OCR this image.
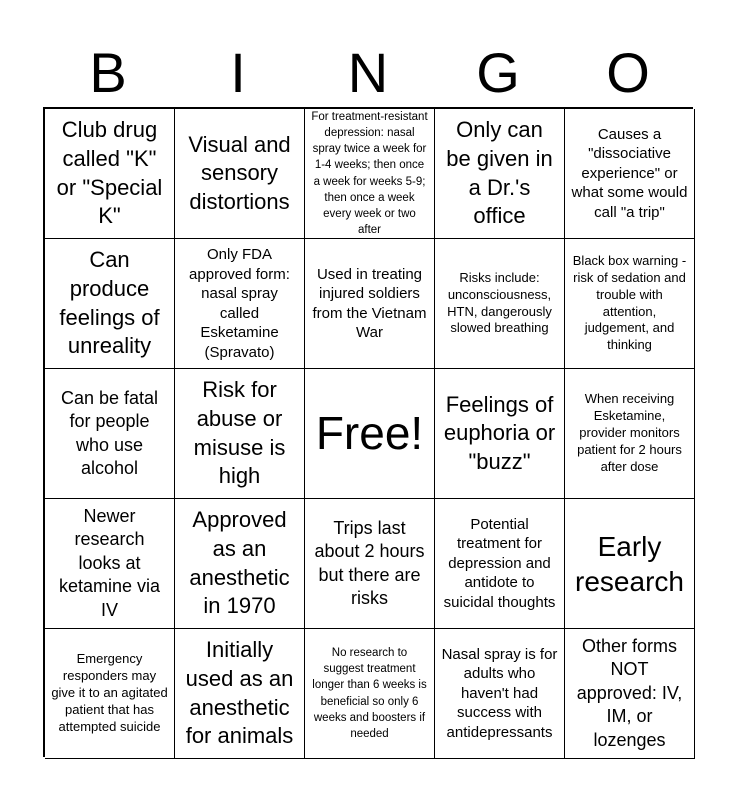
B	I	N	G	O
Club drug called "K" or "Special K"
Visual and sensory distortions
For treatment-resistant depression: nasal spray twice a week for 1-4 weeks; then once a week for weeks 5-9; then once a week every week or two after
Only can be given in a Dr.'s office
Causes a "dissociative experience" or what some would call "a trip"
Can produce feelings of unreality
Only FDA approved form: nasal spray called Esketamine (Spravato)
Used in treating injured soldiers from the Vietnam War
Risks include: unconsciousness, HTN, dangerously slowed breathing
Black box warning - risk of sedation and trouble with attention, judgement, and thinking
Can be fatal for people who use alcohol
Risk for abuse or misuse is high
Free!
Feelings of euphoria or "buzz"
When receiving Esketamine, provider monitors patient for 2 hours after dose
Newer research looks at ketamine via IV
Approved as an anesthetic in 1970
Trips last about 2 hours but there are risks
Potential treatment for depression and antidote to suicidal thoughts
Early research
Emergency responders may give it to an agitated patient that has attempted suicide
Initially used as an anesthetic for animals
No research to suggest treatment longer than 6 weeks is beneficial so only 6 weeks and boosters if needed
Nasal spray is for adults who haven't had success with antidepressants
Other forms NOT approved: IV, IM, or lozenges
